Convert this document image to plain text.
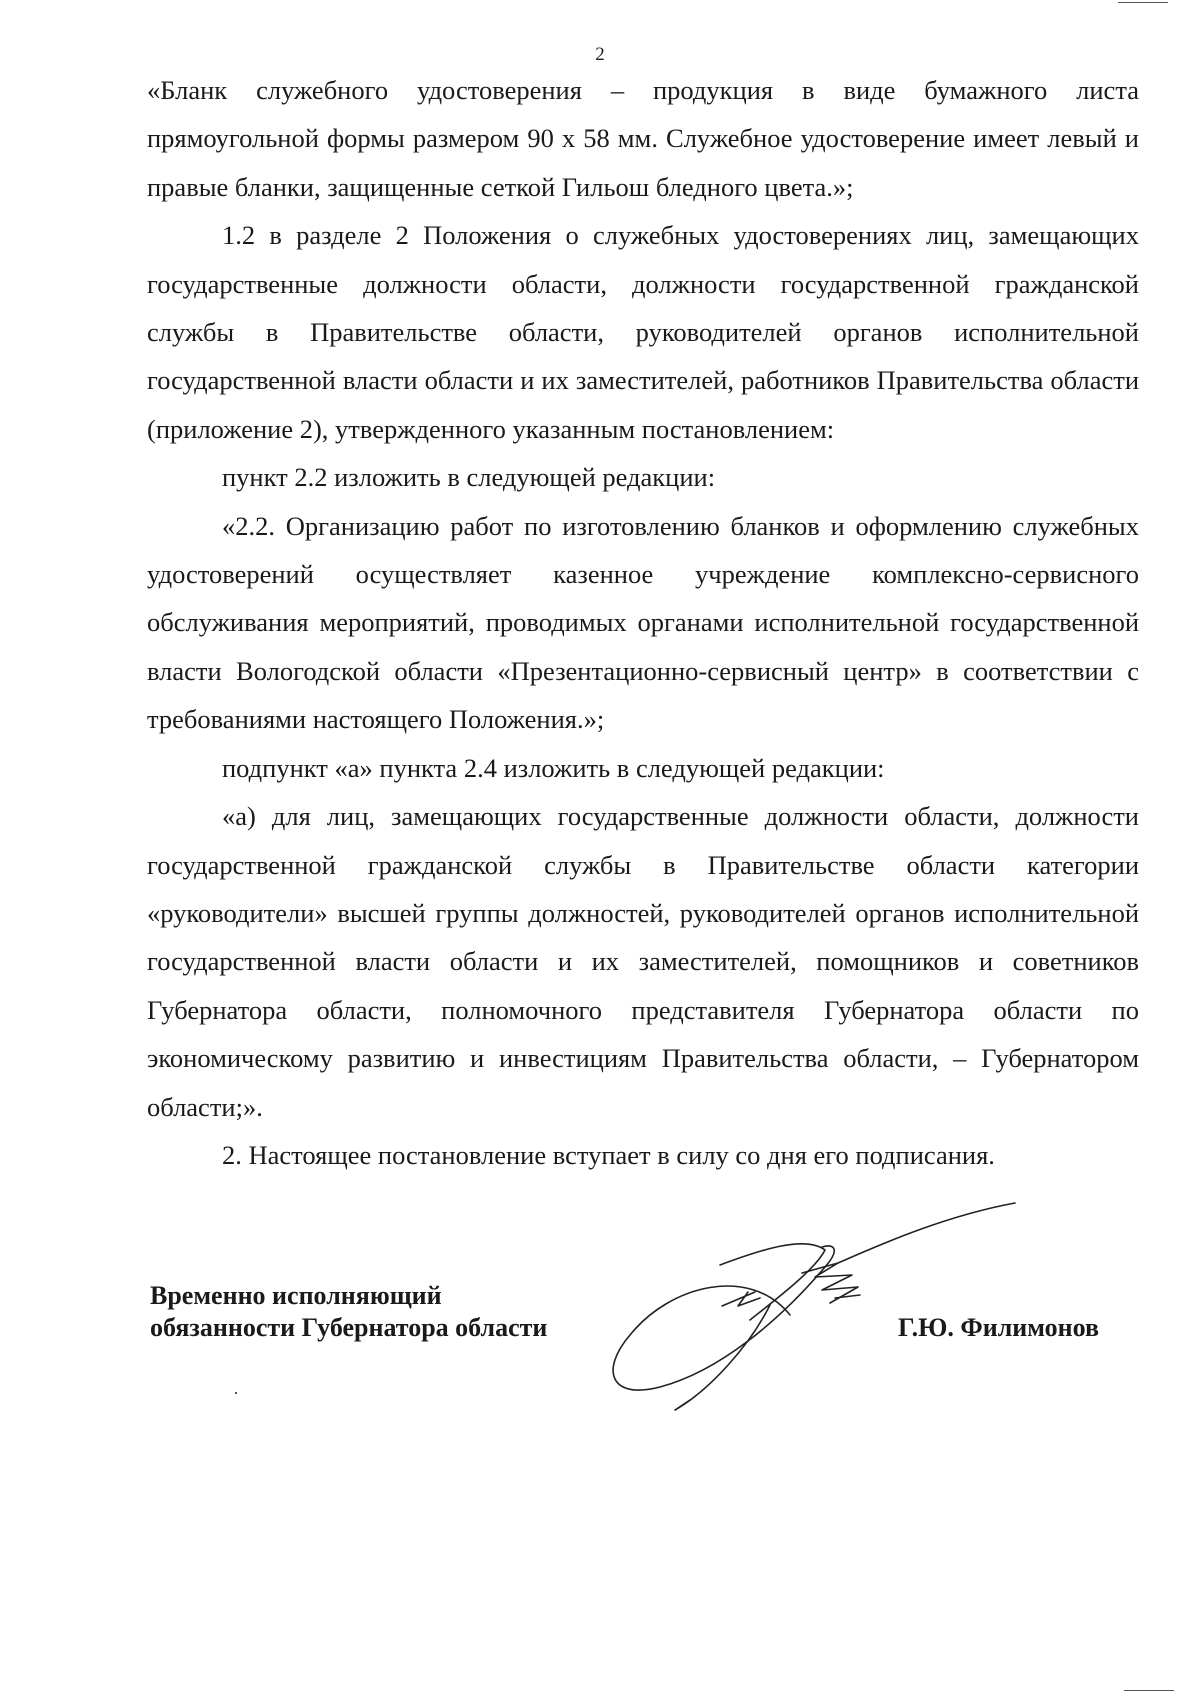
2

«Бланк служебного удостоверения – продукция в виде бумажного листа прямоугольной формы размером 90 х 58 мм. Служебное удостоверение имеет левый и правые бланки, защищенные сеткой Гильош бледного цвета.»;

1.2 в разделе 2 Положения о служебных удостоверениях лиц, замещающих государственные должности области, должности государственной гражданской службы в Правительстве области, руководителей органов исполнительной государственной власти области и их заместителей, работников Правительства области (приложение 2), утвержденного указанным постановлением:

пункт 2.2 изложить в следующей редакции:

«2.2. Организацию работ по изготовлению бланков и оформлению служебных удостоверений осуществляет казенное учреждение комплексно-сервисного обслуживания мероприятий, проводимых органами исполнительной государственной власти Вологодской области «Презентационно-сервисный центр» в соответствии с требованиями настоящего Положения.»;

подпункт «а» пункта 2.4 изложить в следующей редакции:

«а) для лиц, замещающих государственные должности области, должности государственной гражданской службы в Правительстве области категории «руководители» высшей группы должностей, руководителей органов исполнительной государственной власти области и их заместителей, помощников и советников Губернатора области, полномочного представителя Губернатора области по экономическому развитию и инвестициям Правительства области, – Губернатором области;».

2. Настоящее постановление вступает в силу со дня его подписания.

Временно исполняющий
обязанности Губернатора области	Г.Ю. Филимонов
